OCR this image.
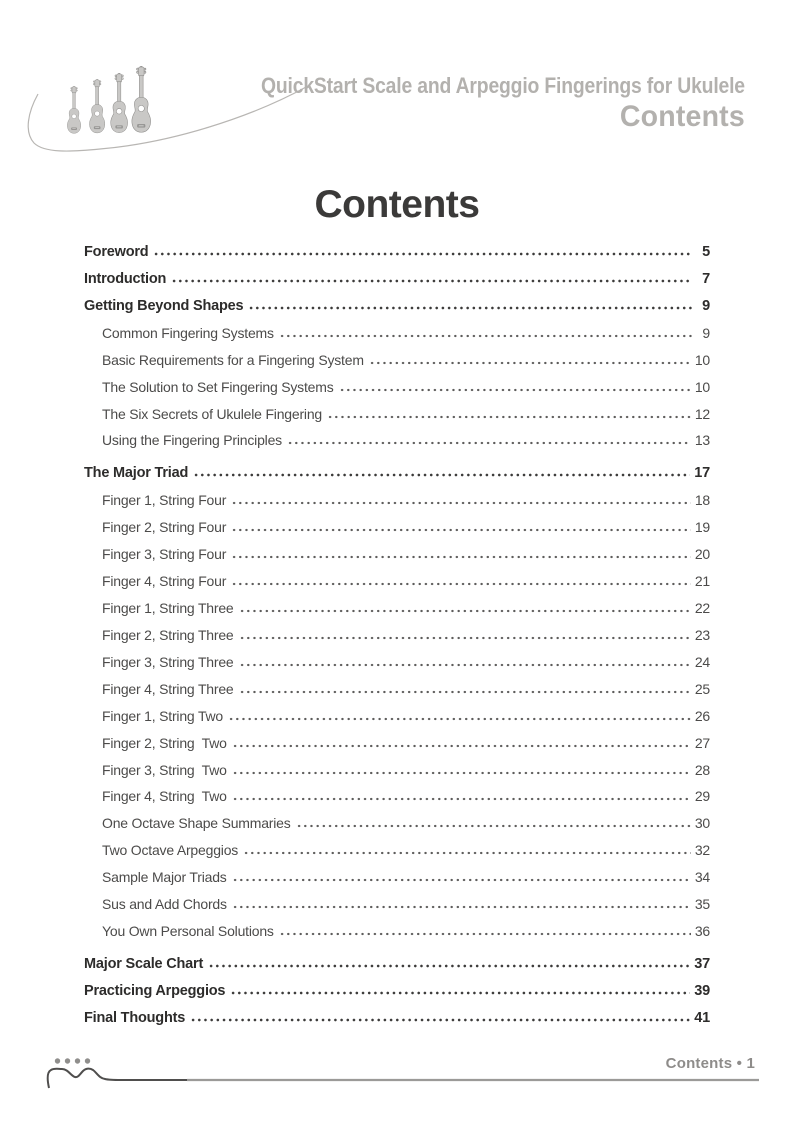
QuickStart Scale and Arpeggio Fingerings for Ukulele
Contents
Contents
Foreword	5
Introduction	7
Getting Beyond Shapes	9
Common Fingering Systems	9
Basic Requirements for a Fingering System	10
The Solution to Set Fingering Systems	10
The Six Secrets of Ukulele Fingering	12
Using the Fingering Principles	13
The Major Triad	17
Finger 1, String Four	18
Finger 2, String Four	19
Finger 3, String Four	20
Finger 4, String Four	21
Finger 1, String Three	22
Finger 2, String Three	23
Finger 3, String Three	24
Finger 4, String Three	25
Finger 1, String Two	26
Finger 2, String  Two	27
Finger 3, String  Two	28
Finger 4, String  Two	29
One Octave Shape Summaries	30
Two Octave Arpeggios	32
Sample Major Triads	34
Sus and Add Chords	35
You Own Personal Solutions	36
Major Scale Chart	37
Practicing Arpeggios	39
Final Thoughts	41
Contents • 1
